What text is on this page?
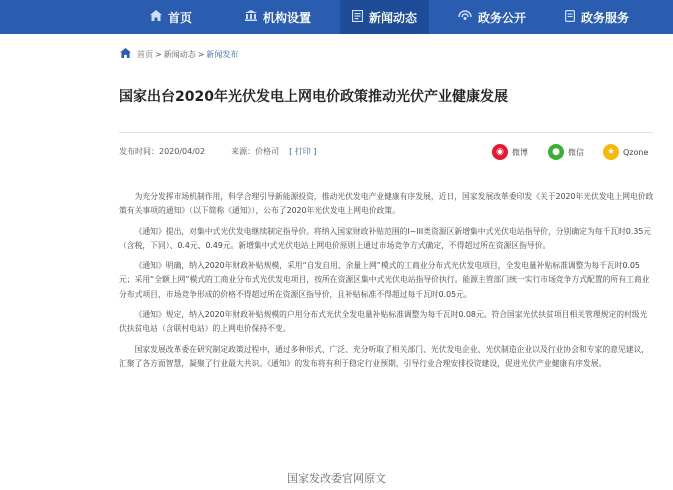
首页	机构设置	新闻动态	政务公开	政务服务
首页 > 新闻动态 > 新闻发布
国家出台2020年光伏发电上网电价政策推动光伏产业健康发展
发布时间： 2020/04/02	来源： 价格司 [ 打印 ]	◉	微博	●	微信	★ Qzone

为充分发挥市场机制作用，科学合理引导新能源投资，推动光伏发电产业健康有序发展，近日，国家发展改革委印发《关于2020年光伏发电上网电价政策有关事项的通知》（以下简称《通知》），公布了2020年光伏发电上网电价政策。

《通知》提出，对集中式光伏发电继续制定指导价。将纳入国家财政补贴范围的I~III类资源区新增集中式光伏电站指导价，分别确定为每千瓦时0.35元（含税，下同）、0.4元、0.49元。新增集中式光伏电站上网电价原则上通过市场竞争方式确定，不得超过所在资源区指导价。

《通知》明确，纳入2020年财政补贴规模，采用“自发自用、余量上网”模式的工商业分布式光伏发电项目，全发电量补贴标准调整为每千瓦时0.05元；采用“全额上网”模式的工商业分布式光伏发电项目，按所在资源区集中式光伏电站指导价执行。能源主管部门统一实行市场竞争方式配置的所有工商业分布式项目，市场竞争形成的价格不得超过所在资源区指导价，且补贴标准不得超过每千瓦时0.05元。

《通知》规定，纳入2020年财政补贴规模的户用分布式光伏全发电量补贴标准调整为每千瓦时0.08元。符合国家光伏扶贫项目相关管理规定的村级光伏扶贫电站（含联村电站）的上网电价保持不变。

国家发展改革委在研究制定政策过程中，通过多种形式、广泛、充分听取了相关部门、光伏发电企业、光伏制造企业以及行业协会和专家的意见建议，汇聚了各方面智慧，凝聚了行业最大共识。《通知》的发布将有利于稳定行业预期，引导行业合理安排投资建设，促进光伏产业健康有序发展。

国家发改委官网原文
